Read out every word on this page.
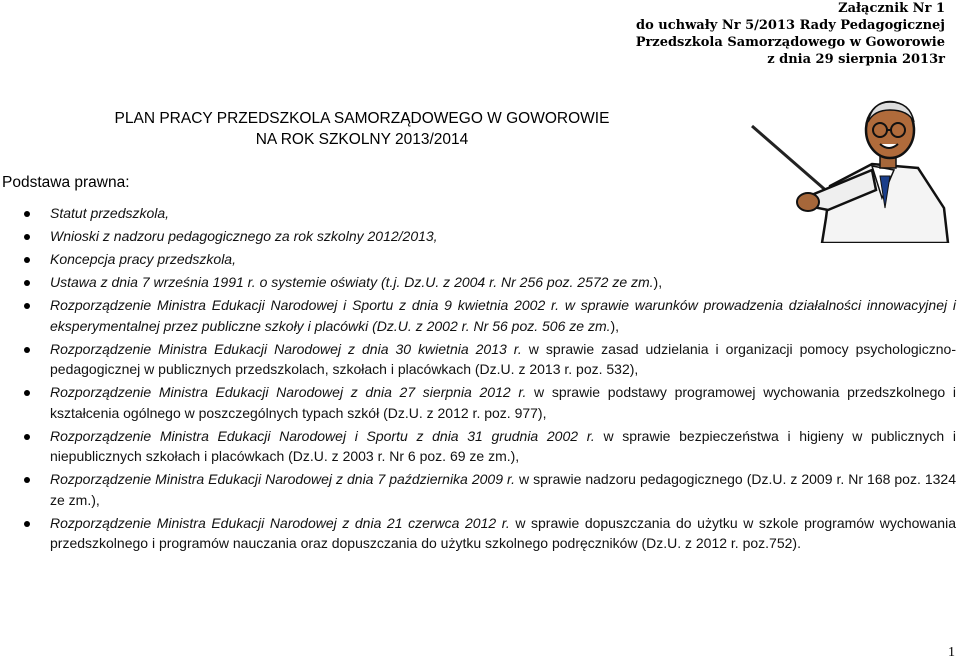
Załącznik Nr 1
do uchwały Nr 5/2013 Rady Pedagogicznej
Przedszkola Samorządowego w Goworowie
z dnia 29 sierpnia 2013r
PLAN PRACY PRZEDSZKOLA SAMORZĄDOWEGO W GOWOROWIE
NA ROK SZKOLNY 2013/2014
Podstawa prawna:
Statut przedszkola,
Wnioski z nadzoru pedagogicznego za rok szkolny 2012/2013,
Koncepcja pracy przedszkola,
Ustawa z dnia 7 września 1991 r. o systemie oświaty (t.j. Dz.U. z 2004 r. Nr 256 poz. 2572 ze zm.),
Rozporządzenie Ministra Edukacji Narodowej i Sportu z dnia 9 kwietnia 2002 r. w sprawie warunków prowadzenia działalności innowacyjnej i eksperymentalnej przez publiczne szkoły i placówki (Dz.U. z 2002 r. Nr 56 poz. 506 ze zm.),
Rozporządzenie Ministra Edukacji Narodowej z dnia 30 kwietnia 2013 r. w sprawie zasad udzielania i organizacji pomocy psychologiczno-pedagogicznej w publicznych przedszkolach, szkołach i placówkach (Dz.U. z 2013 r. poz. 532),
Rozporządzenie Ministra Edukacji Narodowej z dnia 27 sierpnia 2012 r. w sprawie podstawy programowej wychowania przedszkolnego i kształcenia ogólnego w poszczególnych typach szkół (Dz.U. z 2012 r. poz. 977),
Rozporządzenie Ministra Edukacji Narodowej i Sportu z dnia 31 grudnia 2002 r. w sprawie bezpieczeństwa i higieny w publicznych i niepublicznych szkołach i placówkach (Dz.U. z 2003 r. Nr 6 poz. 69 ze zm.),
Rozporządzenie Ministra Edukacji Narodowej z dnia 7 października 2009 r. w sprawie nadzoru pedagogicznego (Dz.U. z 2009 r. Nr 168 poz. 1324 ze zm.),
Rozporządzenie Ministra Edukacji Narodowej z dnia 21 czerwca 2012 r. w sprawie dopuszczania do użytku w szkole programów wychowania przedszkolnego i programów nauczania oraz dopuszczania do użytku szkolnego podręczników (Dz.U. z 2012 r. poz.752).
1
